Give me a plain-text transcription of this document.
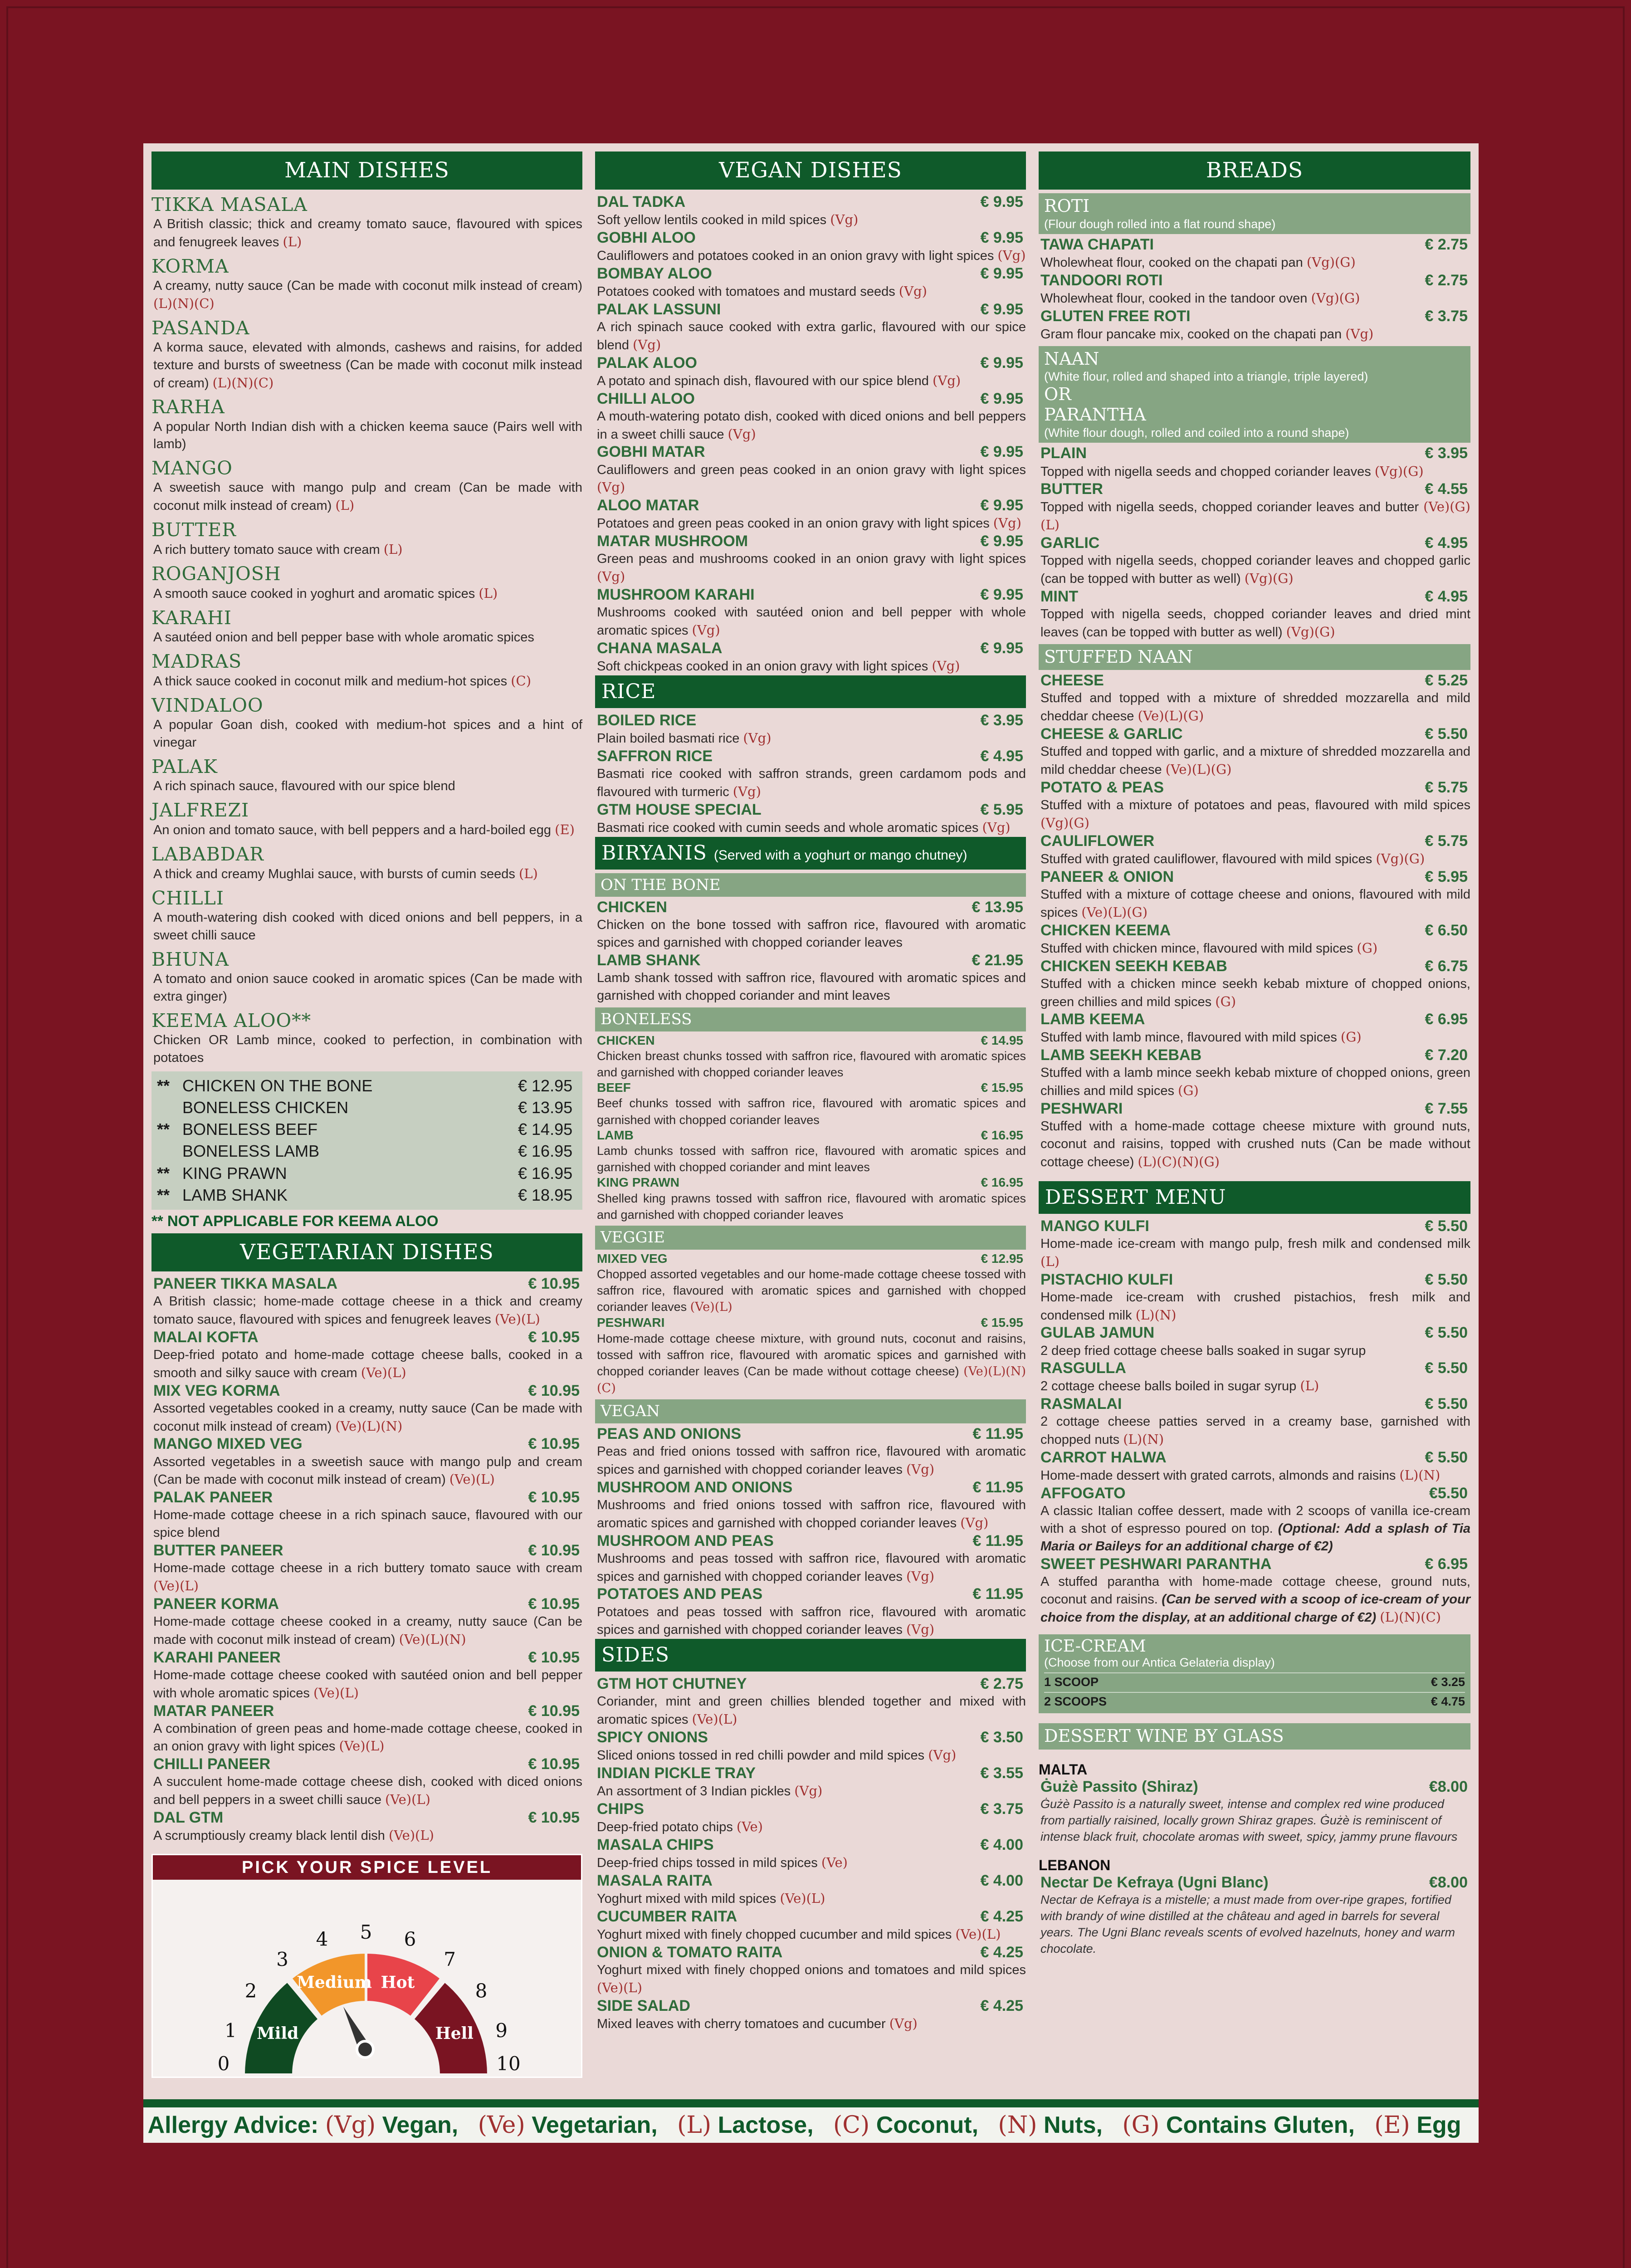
MAIN DISHES
TIKKA MASALA
A British classic; thick and creamy tomato sauce, flavoured with spices and fenugreek leaves (L)
KORMA
A creamy, nutty sauce (Can be made with coconut milk instead of cream) (L)(N)(C)
PASANDA
A korma sauce, elevated with almonds, cashews and raisins, for added texture and bursts of sweetness (Can be made with coconut milk instead of cream) (L)(N)(C)
RARHA
A popular North Indian dish with a chicken keema sauce (Pairs well with lamb)
MANGO
A sweetish sauce with mango pulp and cream (Can be made with coconut milk instead of cream) (L)
BUTTER
A rich buttery tomato sauce with cream (L)
ROGANJOSH
A smooth sauce cooked in yoghurt and aromatic spices (L)
KARAHI
A sautéed onion and bell pepper base with whole aromatic spices
MADRAS
A thick sauce cooked in coconut milk and medium-hot spices (C)
VINDALOO
A popular Goan dish, cooked with medium-hot spices and a hint of vinegar
PALAK
A rich spinach sauce, flavoured with our spice blend
JALFREZI
An onion and tomato sauce, with bell peppers and a hard-boiled egg (E)
LABABDAR
A thick and creamy Mughlai sauce, with bursts of cumin seeds (L)
CHILLI
A mouth-watering dish cooked with diced onions and bell peppers, in a sweet chilli sauce
BHUNA
A tomato and onion sauce cooked in aromatic spices (Can be made with extra ginger)
KEEMA ALOO**
Chicken OR Lamb mince, cooked to perfection, in combination with potatoes
** CHICKEN ON THE BONE	€ 12.95
BONELESS CHICKEN	€ 13.95
** BONELESS BEEF	€ 14.95
BONELESS LAMB	€ 16.95
** KING PRAWN	€ 16.95
** LAMB SHANK	€ 18.95
** NOT APPLICABLE FOR KEEMA ALOO
VEGETARIAN DISHES
PANEER TIKKA MASALA	€ 10.95
A British classic; home-made cottage cheese in a thick and creamy tomato sauce, flavoured with spices and fenugreek leaves (Ve)(L)
MALAI KOFTA	€ 10.95
Deep-fried potato and home-made cottage cheese balls, cooked in a smooth and silky sauce with cream (Ve)(L)
MIX VEG KORMA	€ 10.95
Assorted vegetables cooked in a creamy, nutty sauce (Can be made with coconut milk instead of cream) (Ve)(L)(N)
MANGO MIXED VEG	€ 10.95
Assorted vegetables in a sweetish sauce with mango pulp and cream (Can be made with coconut milk instead of cream) (Ve)(L)
PALAK PANEER	€ 10.95
Home-made cottage cheese in a rich spinach sauce, flavoured with our spice blend
BUTTER PANEER	€ 10.95
Home-made cottage cheese in a rich buttery tomato sauce with cream (Ve)(L)
PANEER KORMA	€ 10.95
Home-made cottage cheese cooked in a creamy, nutty sauce (Can be made with coconut milk instead of cream) (Ve)(L)(N)
KARAHI PANEER	€ 10.95
Home-made cottage cheese cooked with sautéed onion and bell pepper with whole aromatic spices (Ve)(L)
MATAR PANEER	€ 10.95
A combination of green peas and home-made cottage cheese, cooked in an onion gravy with light spices (Ve)(L)
CHILLI PANEER	€ 10.95
A succulent home-made cottage cheese dish, cooked with diced onions and bell peppers in a sweet chilli sauce (Ve)(L)
DAL GTM	€ 10.95
A scrumptiously creamy black lentil dish (Ve)(L)
PICK YOUR SPICE LEVEL
Mild
Medium Hot
Hell
0
1
2
3
4 5 6
7
8
9
10
VEGAN DISHES
DAL TADKA	€ 9.95
Soft yellow lentils cooked in mild spices (Vg)
GOBHI ALOO	€ 9.95
Cauliflowers and potatoes cooked in an onion gravy with light spices (Vg)
BOMBAY ALOO	€ 9.95
Potatoes cooked with tomatoes and mustard seeds (Vg)
PALAK LASSUNI	€ 9.95
A rich spinach sauce cooked with extra garlic, flavoured with our spice blend (Vg)
PALAK ALOO	€ 9.95
A potato and spinach dish, flavoured with our spice blend (Vg)
CHILLI ALOO	€ 9.95
A mouth-watering potato dish, cooked with diced onions and bell peppers in a sweet chilli sauce (Vg)
GOBHI MATAR	€ 9.95
Cauliflowers and green peas cooked in an onion gravy with light spices (Vg)
ALOO MATAR	€ 9.95
Potatoes and green peas cooked in an onion gravy with light spices (Vg)
MATAR MUSHROOM	€ 9.95
Green peas and mushrooms cooked in an onion gravy with light spices (Vg)
MUSHROOM KARAHI	€ 9.95
Mushrooms cooked with sautéed onion and bell pepper with whole aromatic spices (Vg)
CHANA MASALA	€ 9.95
Soft chickpeas cooked in an onion gravy with light spices (Vg)
RICE
BOILED RICE	€ 3.95
Plain boiled basmati rice (Vg)
SAFFRON RICE	€ 4.95
Basmati rice cooked with saffron strands, green cardamom pods and flavoured with turmeric (Vg)
GTM HOUSE SPECIAL	€ 5.95
Basmati rice cooked with cumin seeds and whole aromatic spices (Vg)
BIRYANIS (Served with a yoghurt or mango chutney)
ON THE BONE
CHICKEN	€ 13.95
Chicken on the bone tossed with saffron rice, flavoured with aromatic spices and garnished with chopped coriander leaves
LAMB SHANK	€ 21.95
Lamb shank tossed with saffron rice, flavoured with aromatic spices and garnished with chopped coriander and mint leaves
BONELESS
CHICKEN	€ 14.95
Chicken breast chunks tossed with saffron rice, flavoured with aromatic spices and garnished with chopped coriander leaves
BEEF	€ 15.95
Beef chunks tossed with saffron rice, flavoured with aromatic spices and garnished with chopped coriander leaves
LAMB	€ 16.95
Lamb chunks tossed with saffron rice, flavoured with aromatic spices and garnished with chopped coriander and mint leaves
KING PRAWN	€ 16.95
Shelled king prawns tossed with saffron rice, flavoured with aromatic spices and garnished with chopped coriander leaves
VEGGIE
MIXED VEG	€ 12.95
Chopped assorted vegetables and our home-made cottage cheese tossed with saffron rice, flavoured with aromatic spices and garnished with chopped coriander leaves (Ve)(L)
PESHWARI	€ 15.95
Home-made cottage cheese mixture, with ground nuts, coconut and raisins, tossed with saffron rice, flavoured with aromatic spices and garnished with chopped coriander leaves (Can be made without cottage cheese) (Ve)(L)(N)(C)
VEGAN
PEAS AND ONIONS	€ 11.95
Peas and fried onions tossed with saffron rice, flavoured with aromatic spices and garnished with chopped coriander leaves (Vg)
MUSHROOM AND ONIONS	€ 11.95
Mushrooms and fried onions tossed with saffron rice, flavoured with aromatic spices and garnished with chopped coriander leaves (Vg)
MUSHROOM AND PEAS	€ 11.95
Mushrooms and peas tossed with saffron rice, flavoured with aromatic spices and garnished with chopped coriander leaves (Vg)
POTATOES AND PEAS	€ 11.95
Potatoes and peas tossed with saffron rice, flavoured with aromatic spices and garnished with chopped coriander leaves (Vg)
SIDES
GTM HOT CHUTNEY	€ 2.75
Coriander, mint and green chillies blended together and mixed with aromatic spices (Ve)(L)
SPICY ONIONS	€ 3.50
Sliced onions tossed in red chilli powder and mild spices (Vg)
INDIAN PICKLE TRAY	€ 3.55
An assortment of 3 Indian pickles (Vg)
CHIPS	€ 3.75
Deep-fried potato chips (Ve)
MASALA CHIPS	€ 4.00
Deep-fried chips tossed in mild spices (Ve)
MASALA RAITA	€ 4.00
Yoghurt mixed with mild spices (Ve)(L)
CUCUMBER RAITA	€ 4.25
Yoghurt mixed with finely chopped cucumber and mild spices (Ve)(L)
ONION & TOMATO RAITA	€ 4.25
Yoghurt mixed with finely chopped onions and tomatoes and mild spices (Ve)(L)
SIDE SALAD	€ 4.25
Mixed leaves with cherry tomatoes and cucumber (Vg)
BREADS
ROTI
(Flour dough rolled into a flat round shape)
TAWA CHAPATI	€ 2.75
Wholewheat flour, cooked on the chapati pan (Vg)(G)
TANDOORI ROTI	€ 2.75
Wholewheat flour, cooked in the tandoor oven (Vg)(G)
GLUTEN FREE ROTI	€ 3.75
Gram flour pancake mix, cooked on the chapati pan (Vg)
NAAN
(White flour, rolled and shaped into a triangle, triple layered)
OR
PARANTHA
(White flour dough, rolled and coiled into a round shape)
PLAIN	€ 3.95
Topped with nigella seeds and chopped coriander leaves (Vg)(G)
BUTTER	€ 4.55
Topped with nigella seeds, chopped coriander leaves and butter (Ve)(G)(L)
GARLIC	€ 4.95
Topped with nigella seeds, chopped coriander leaves and chopped garlic (can be topped with butter as well) (Vg)(G)
MINT	€ 4.95
Topped with nigella seeds, chopped coriander leaves and dried mint leaves (can be topped with butter as well) (Vg)(G)
STUFFED NAAN
CHEESE	€ 5.25
Stuffed and topped with a mixture of shredded mozzarella and mild cheddar cheese (Ve)(L)(G)
CHEESE & GARLIC	€ 5.50
Stuffed and topped with garlic, and a mixture of shredded mozzarella and mild cheddar cheese (Ve)(L)(G)
POTATO & PEAS	€ 5.75
Stuffed with a mixture of potatoes and peas, flavoured with mild spices (Vg)(G)
CAULIFLOWER	€ 5.75
Stuffed with grated cauliflower, flavoured with mild spices (Vg)(G)
PANEER & ONION	€ 5.95
Stuffed with a mixture of cottage cheese and onions, flavoured with mild spices (Ve)(L)(G)
CHICKEN KEEMA	€ 6.50
Stuffed with chicken mince, flavoured with mild spices (G)
CHICKEN SEEKH KEBAB	€ 6.75
Stuffed with a chicken mince seekh kebab mixture of chopped onions, green chillies and mild spices (G)
LAMB KEEMA	€ 6.95
Stuffed with lamb mince, flavoured with mild spices (G)
LAMB SEEKH KEBAB	€ 7.20
Stuffed with a lamb mince seekh kebab mixture of chopped onions, green chillies and mild spices (G)
PESHWARI	€ 7.55
Stuffed with a home-made cottage cheese mixture with ground nuts, coconut and raisins, topped with crushed nuts (Can be made without cottage cheese) (L)(C)(N)(G)
DESSERT MENU
MANGO KULFI	€ 5.50
Home-made ice-cream with mango pulp, fresh milk and condensed milk (L)
PISTACHIO KULFI	€ 5.50
Home-made ice-cream with crushed pistachios, fresh milk and condensed milk (L)(N)
GULAB JAMUN	€ 5.50
2 deep fried cottage cheese balls soaked in sugar syrup
RASGULLA	€ 5.50
2 cottage cheese balls boiled in sugar syrup (L)
RASMALAI	€ 5.50
2 cottage cheese patties served in a creamy base, garnished with chopped nuts (L)(N)
CARROT HALWA	€ 5.50
Home-made dessert with grated carrots, almonds and raisins (L)(N)
AFFOGATO	€5.50
A classic Italian coffee dessert, made with 2 scoops of vanilla ice-cream with a shot of espresso poured on top. (Optional: Add a splash of Tia Maria or Baileys for an additional charge of €2)
SWEET PESHWARI PARANTHA	€ 6.95
A stuffed parantha with home-made cottage cheese, ground nuts, coconut and raisins. (Can be served with a scoop of ice-cream of your choice from the display, at an additional charge of €2) (L)(N)(C)
ICE-CREAM
(Choose from our Antica Gelateria display)
1 SCOOP	€ 3.25
2 SCOOPS	€ 4.75
DESSERT WINE BY GLASS
MALTA
Ġużè Passito (Shiraz)	€8.00
Ġużè Passito is a naturally sweet, intense and complex red wine produced from partially raisined, locally grown Shiraz grapes. Ġużè is reminiscent of intense black fruit, chocolate aromas with sweet, spicy, jammy prune flavours
LEBANON
Nectar De Kefraya (Ugni Blanc)	€8.00
Nectar de Kefraya is a mistelle; a must made from over-ripe grapes, fortified with brandy of wine distilled at the château and aged in barrels for several years. The Ugni Blanc reveals scents of evolved hazelnuts, honey and warm chocolate.
Allergy Advice:
(Vg)
Vegan,
(Ve)
Vegetarian,
(L)
Lactose,
(C)
Coconut,
(N)
Nuts,
(G)
Contains Gluten,
(E)
Egg
